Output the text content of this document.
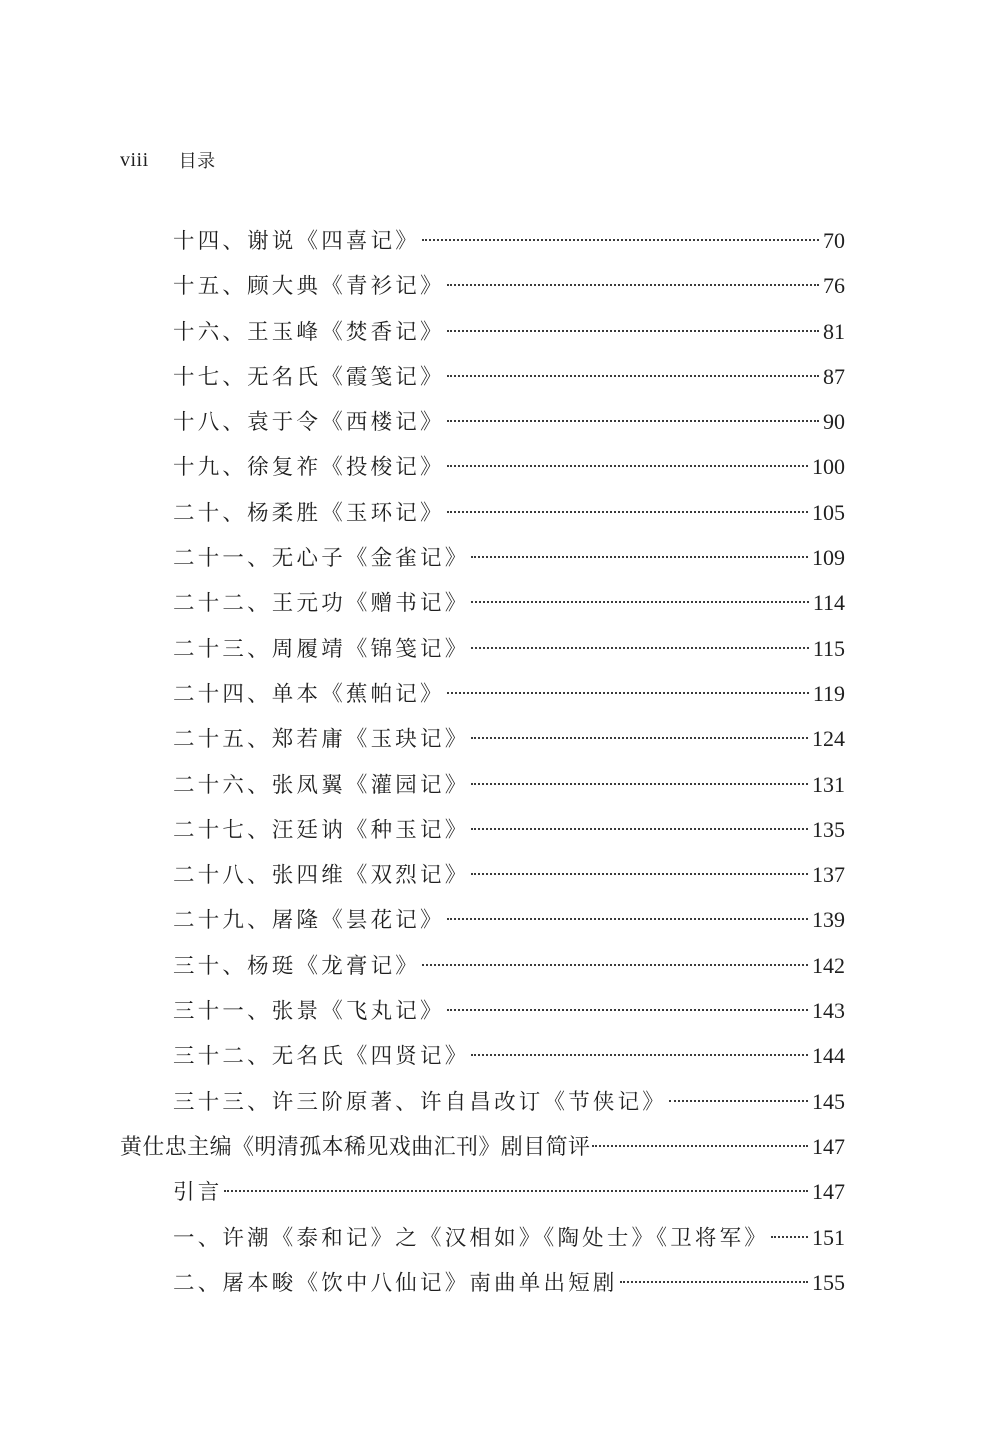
viii 目录
十四、谢说《四喜记》	70
十五、顾大典《青衫记》	76
十六、王玉峰《焚香记》	81
十七、无名氏《霞笺记》	87
十八、袁于令《西楼记》	90
十九、徐复祚《投梭记》	100
二十、杨柔胜《玉环记》	105
二十一、无心子《金雀记》	109
二十二、王元功《赠书记》	114
二十三、周履靖《锦笺记》	115
二十四、单本《蕉帕记》	119
二十五、郑若庸《玉玦记》	124
二十六、张凤翼《灌园记》	131
二十七、汪廷讷《种玉记》	135
二十八、张四维《双烈记》	137
二十九、屠隆《昙花记》	139
三十、杨珽《龙膏记》	142
三十一、张景《飞丸记》	143
三十二、无名氏《四贤记》	144
三十三、许三阶原著、许自昌改订《节侠记》	145
黄仕忠主编《明清孤本稀见戏曲汇刊》剧目简评	147
引言	147
一、许潮《泰和记》之《汉相如》《陶处士》《卫将军》 151
二、屠本畯《饮中八仙记》南曲单出短剧	155
